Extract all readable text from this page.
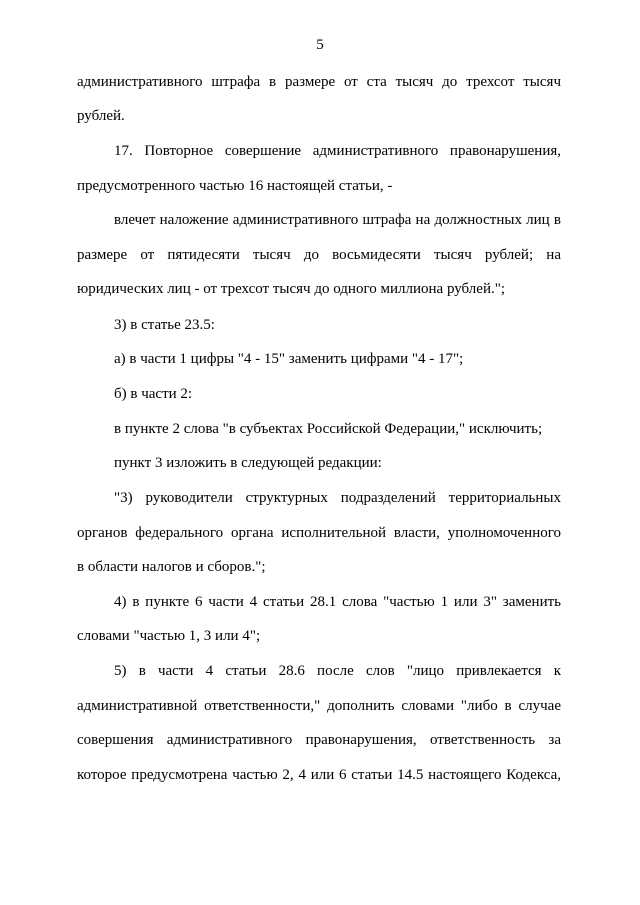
5
административного штрафа в размере от ста тысяч до трехсот тысяч
рублей.
17. Повторное совершение административного правонарушения,
предусмотренного частью 16 настоящей статьи, -
влечет наложение административного штрафа на должностных лиц в
размере от пятидесяти тысяч до восьмидесяти тысяч рублей; на
юридических лиц - от трехсот тысяч до одного миллиона рублей.";
3) в статье 23.5:
а) в части 1 цифры "4 - 15" заменить цифрами "4 - 17";
б) в части 2:
в пункте 2 слова "в субъектах Российской Федерации," исключить;
пункт 3 изложить в следующей редакции:
"3) руководители структурных подразделений территориальных
органов федерального органа исполнительной власти, уполномоченного
в области налогов и сборов.";
4) в пункте 6 части 4 статьи 28.1 слова "частью 1 или 3" заменить
словами "частью 1, 3 или 4";
5) в части 4 статьи 28.6 после слов "лицо привлекается к
административной ответственности," дополнить словами "либо в случае
совершения административного правонарушения, ответственность за
которое предусмотрена частью 2, 4 или 6 статьи 14.5 настоящего Кодекса,
